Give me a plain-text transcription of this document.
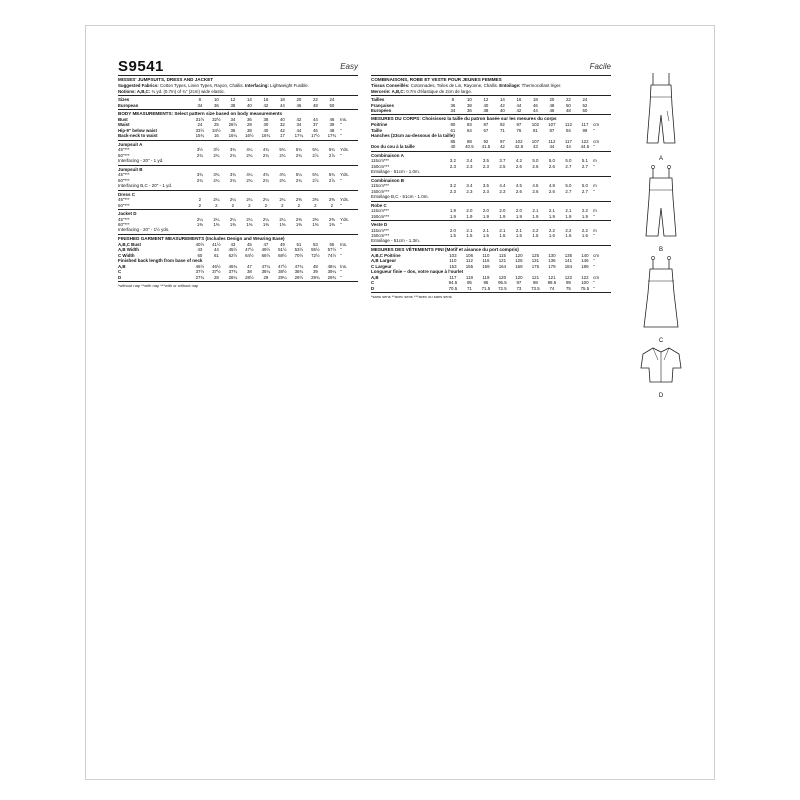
S9541	Easy
MISSES' JUMPSUITS, DRESS AND JACKET
Suggested Fabrics: Cotton Types, Linen Types, Rayon, Challis. Interfacing: Lightweight Fusible.
Notions: A,B,C: ¾ yd. (0.7m) of ¾" (2cm) wide elastic.
Sizes	8	10	12	14	16	18	20	22	24	
European	34	36	38	40	42	44	46	48	50	
BODY MEASUREMENTS: Select pattern size based on body measurements
Bust	31½	32½	34	36	38	40	42	44	46	Ins.
Waist	24	25	26½	28	30	32	34	37	39	"
Hip-9" below waist	33½	34½	36	38	40	42	44	46	48	"
Back-neck to waist	15¾	16	16¼	16½	16¾	17	17¼	17½	17¾	"
Jumpsuit A
45"***	3½	3½	3¾	4¼	4¾	5¾	5¾	5¾	5¾	Yds.
60"***	2¾	2¾	2¾	2¾	2¾	2¾	2¾	2⅞	2⅞	"
Interfacing - 20" - 1 yd.
Jumpsuit B
45"***	3¾	3¾	3¾	4¼	4¾	4¾	5¼	5¾	5¾	Yds.
60"***	2¾	2¾	2¾	2¾	2¾	2¾	2¾	2⅞	2⅞	"
Interfacing B,C - 20" - 1 yd.
Dress C
45"***	2	2¼	2¼	2¼	2¼	2¼	2⅜	2⅜	2⅜	Yds.
60"***	2	2	2	2	2	2	2	2	2	"
Jacket D
45"***	2¼	2¼	2¼	2¼	2¼	2¼	2⅜	2⅜	2⅜	Yds.
60"***	1⅜	1⅜	1⅜	1⅜	1⅜	1⅜	1⅜	1⅜	1⅜	"
Interfacing - 20" - 1½ yds.
FINISHED GARMENT MEASUREMENTS (Includes Design and Wearing Ease)
A,B,C Bust	40½	41½	43	45	47	49	51	53	55	Ins.
A,B Width	43	44	45½	47½	49½	51½	53½	55½	57½	"
C Width	60	61	62½	64½	66½	68½	70½	72½	74½	"
Finished back length from base of neck
A,B	46½	46½	46¾	47	47¼	47½	47¾	48	48¼	Ins.
C	37½	37½	37¾	38	38¼	38½	38¾	39	39¼	"
D	27¾	28	28¼	28½	29	29¼	29½	29¾	29¾	"
*without nap **with nap ***with or without nap
Facile
COMBINAISONS, ROBE ET VESTE POUR JEUNES FEMMES
Tissus Conseillés: Cotonnades, Toiles de Lin, Rayonne, Challis. Entoilage: Thermocollant léger.
Mercerie: A,B,C: 0.7m d'élastique de 2cm de large.
Tailles	8	10	12	14	16	18	20	22	24	
Françaises	36	38	40	42	44	46	48	50	52	
Européen	34	36	38	40	42	44	46	48	50	
MESURES DU CORPS: Choisissez la taille du patron basée sur les mesures du corps
Poitrine	80	83	87	92	97	102	107	112	117	cm
Taille	61	64	67	71	76	81	87	94	99	"
Hanches (23cm au-dessous de la taille)
	85	88	92	97	102	107	112	117	122	cm
Dos du cou à la taille	40	40.5	41.5	42	42.5	43	44	44	44.5	"
Combinaison A
115cm***	3.2	3.4	3.5	3.7	4.2	5.0	5.0	5.0	5.1	m
150cm***	2.3	2.3	2.3	2.5	2.6	2.6	2.6	2.7	2.7	"
Entoilage - 51cm - 1.0m.
Combinaison B
115cm***	3.2	3.4	3.5	4.4	4.5	4.5	4.8	5.0	5.0	m
150cm***	2.3	2.3	2.3	2.3	2.6	2.6	2.6	2.7	2.7	"
Entoilage B,C - 51cm - 1.0m.
Robe C
115cm***	1.9	2.0	2.0	2.0	2.0	2.1	2.1	2.1	2.2	m
150cm***	1.9	1.9	1.9	1.9	1.9	1.9	1.9	1.9	1.9	"
Veste D
115cm***	2.0	2.1	2.1	2.1	2.1	2.2	2.2	2.2	2.2	m
150cm***	1.5	1.5	1.5	1.5	1.5	1.5	1.6	1.6	1.6	"
Entoilage - 51cm - 1.3m.
MESURES DES VÊTEMENTS FINI (Motif et aisance du port compris)
A,B,C Poitrine	103	106	110	115	120	125	130	135	140	cm
A,B Largeur	110	112	116	121	126	131	136	141	146	"
C Largeur	153	155	159	164	169	175	179	184	189	"
Longueur finie – dos, votre naque à l'ourlet
A,B	117	118	119	120	120	121	121	122	122	cm
C	94.5	95	96	96.5	97	98	98.5	99	100	"
D	70.5	71	71.5	72.5	73	73.5	74	75	75.5	"
*sans sens **avec sens ***avec ou sans sens
A
B
C
D
